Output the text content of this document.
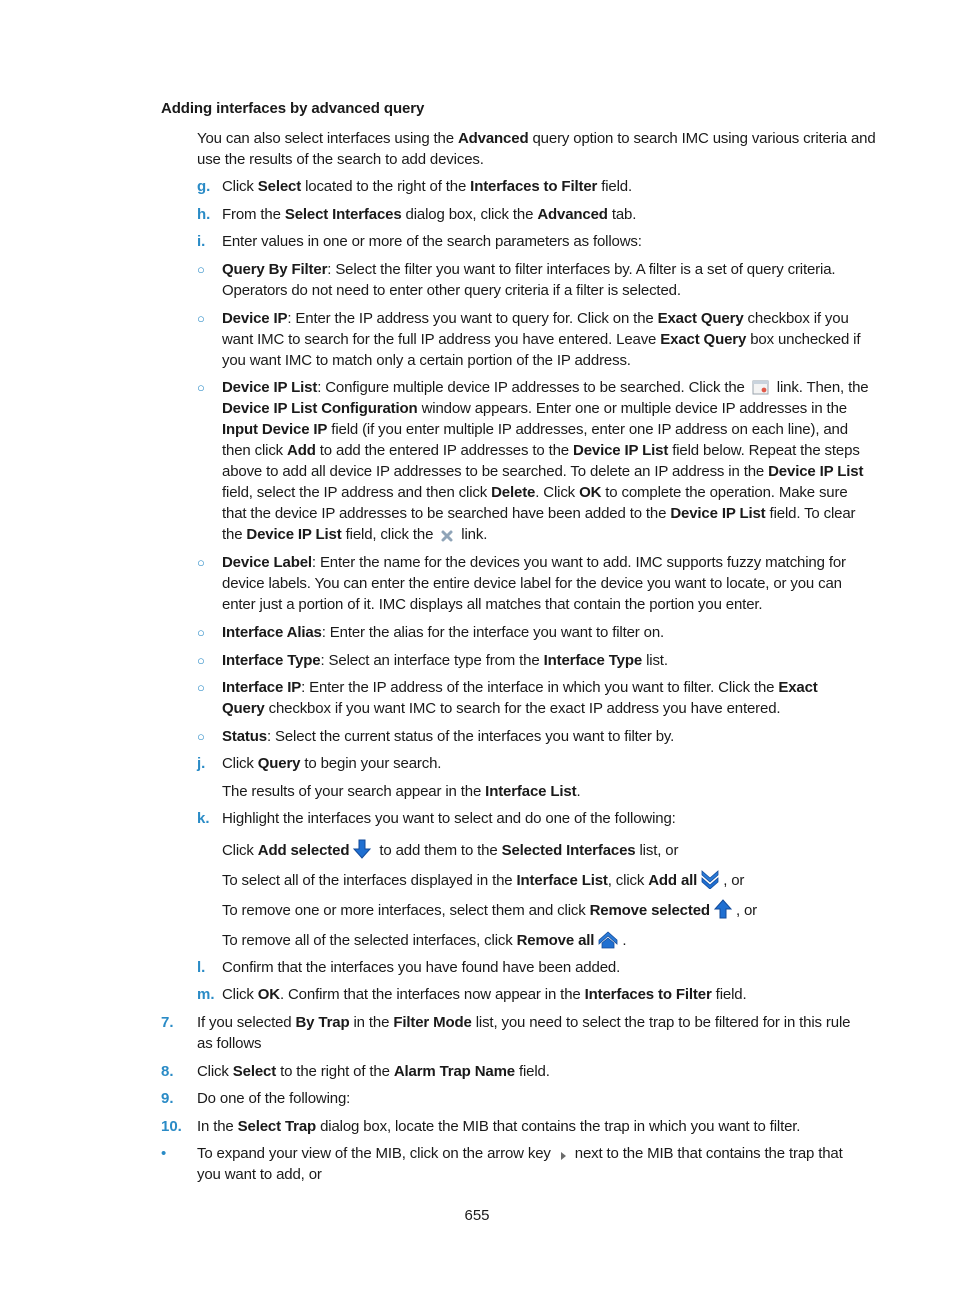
Adding interfaces by advanced query
You can also select interfaces using the Advanced query option to search IMC using various criteria and use the results of the search to add devices.
g. Click Select located to the right of the Interfaces to Filter field.
h. From the Select Interfaces dialog box, click the Advanced tab.
i. Enter values in one or more of the search parameters as follows:
○ Query By Filter: Select the filter you want to filter interfaces by. A filter is a set of query criteria. Operators do not need to enter other query criteria if a filter is selected.
○ Device IP: Enter the IP address you want to query for. Click on the Exact Query checkbox if you want IMC to search for the full IP address you have entered. Leave Exact Query box unchecked if you want IMC to match only a certain portion of the IP address.
○ Device IP List: Configure multiple device IP addresses to be searched. Click the  link. Then, the Device IP List Configuration window appears. Enter one or multiple device IP addresses in the Input Device IP field (if you enter multiple IP addresses, enter one IP address on each line), and then click Add to add the entered IP addresses to the Device IP List field below. Repeat the steps above to add all device IP addresses to be searched. To delete an IP address in the Device IP List field, select the IP address and then click Delete. Click OK to complete the operation. Make sure that the device IP addresses to be searched have been added to the Device IP List field. To clear the Device IP List field, click the  link.
○ Device Label: Enter the name for the devices you want to add. IMC supports fuzzy matching for device labels. You can enter the entire device label for the device you want to locate, or you can enter just a portion of it. IMC displays all matches that contain the portion you enter.
○ Interface Alias: Enter the alias for the interface you want to filter on.
○ Interface Type: Select an interface type from the Interface Type list.
○ Interface IP: Enter the IP address of the interface in which you want to filter. Click the Exact Query checkbox if you want IMC to search for the exact IP address you have entered.
○ Status: Select the current status of the interfaces you want to filter by.
j. Click Query to begin your search.
The results of your search appear in the Interface List.
k. Highlight the interfaces you want to select and do one of the following:
Click Add selected to add them to the Selected Interfaces list, or
To select all of the interfaces displayed in the Interface List, click Add all , or
To remove one or more interfaces, select them and click Remove selected , or
To remove all of the selected interfaces, click Remove all .
l. Confirm that the interfaces you have found have been added.
m. Click OK. Confirm that the interfaces now appear in the Interfaces to Filter field.
7. If you selected By Trap in the Filter Mode list, you need to select the trap to be filtered for in this rule as follows
8. Click Select to the right of the Alarm Trap Name field.
9. Do one of the following:
10. In the Select Trap dialog box, locate the MIB that contains the trap in which you want to filter.
• To expand your view of the MIB, click on the arrow key  next to the MIB that contains the trap that you want to add, or
655
